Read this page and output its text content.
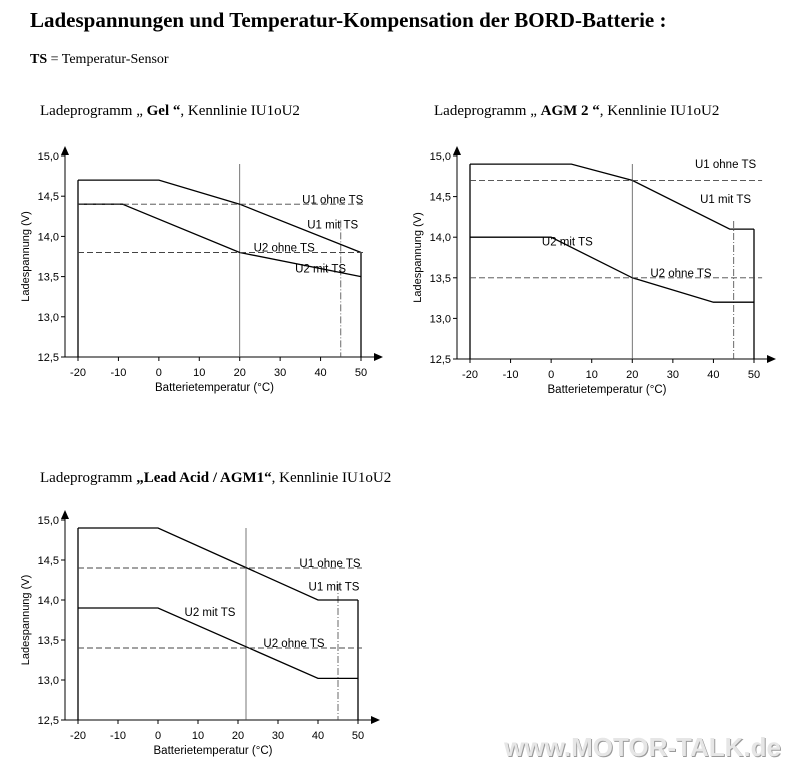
Ladespannungen und Temperatur-Kompensation der BORD-Batterie :
TS = Temperatur-Sensor
Ladeprogramm „ Gel “, Kennlinie IU1oU2	Ladeprogramm „ AGM 2 “, Kennlinie IU1oU2
Ladeprogramm „Lead Acid / AGM1“, Kennlinie IU1oU2
12,5
13,0
13,5
14,0
14,5
15,0
-20 -10	0	10	20	30	40	50
Batterietemperatur (°C)
Ladespannung (V)	U1 mit TS
U2 mit TS
U1 ohne TS
U2 ohne TS
12,5
13,0
13,5
14,0
14,5
15,0
-20 -10	0	10	20	30	40	50
Batterietemperatur (°C)
Ladespannung (V)
U1 mit TS
U2 mit TS
U1 ohne TS
U2 ohne TS
12,5
13,0
13,5
14,0
14,5
15,0
-20 -10	0	10	20	30	40	50
Batterietemperatur (°C)
Ladespannung (V)	U1 mit TS
U2 mit TS
U1 ohne TS
U2 ohne TS
www.MOTOR-TALK.de
